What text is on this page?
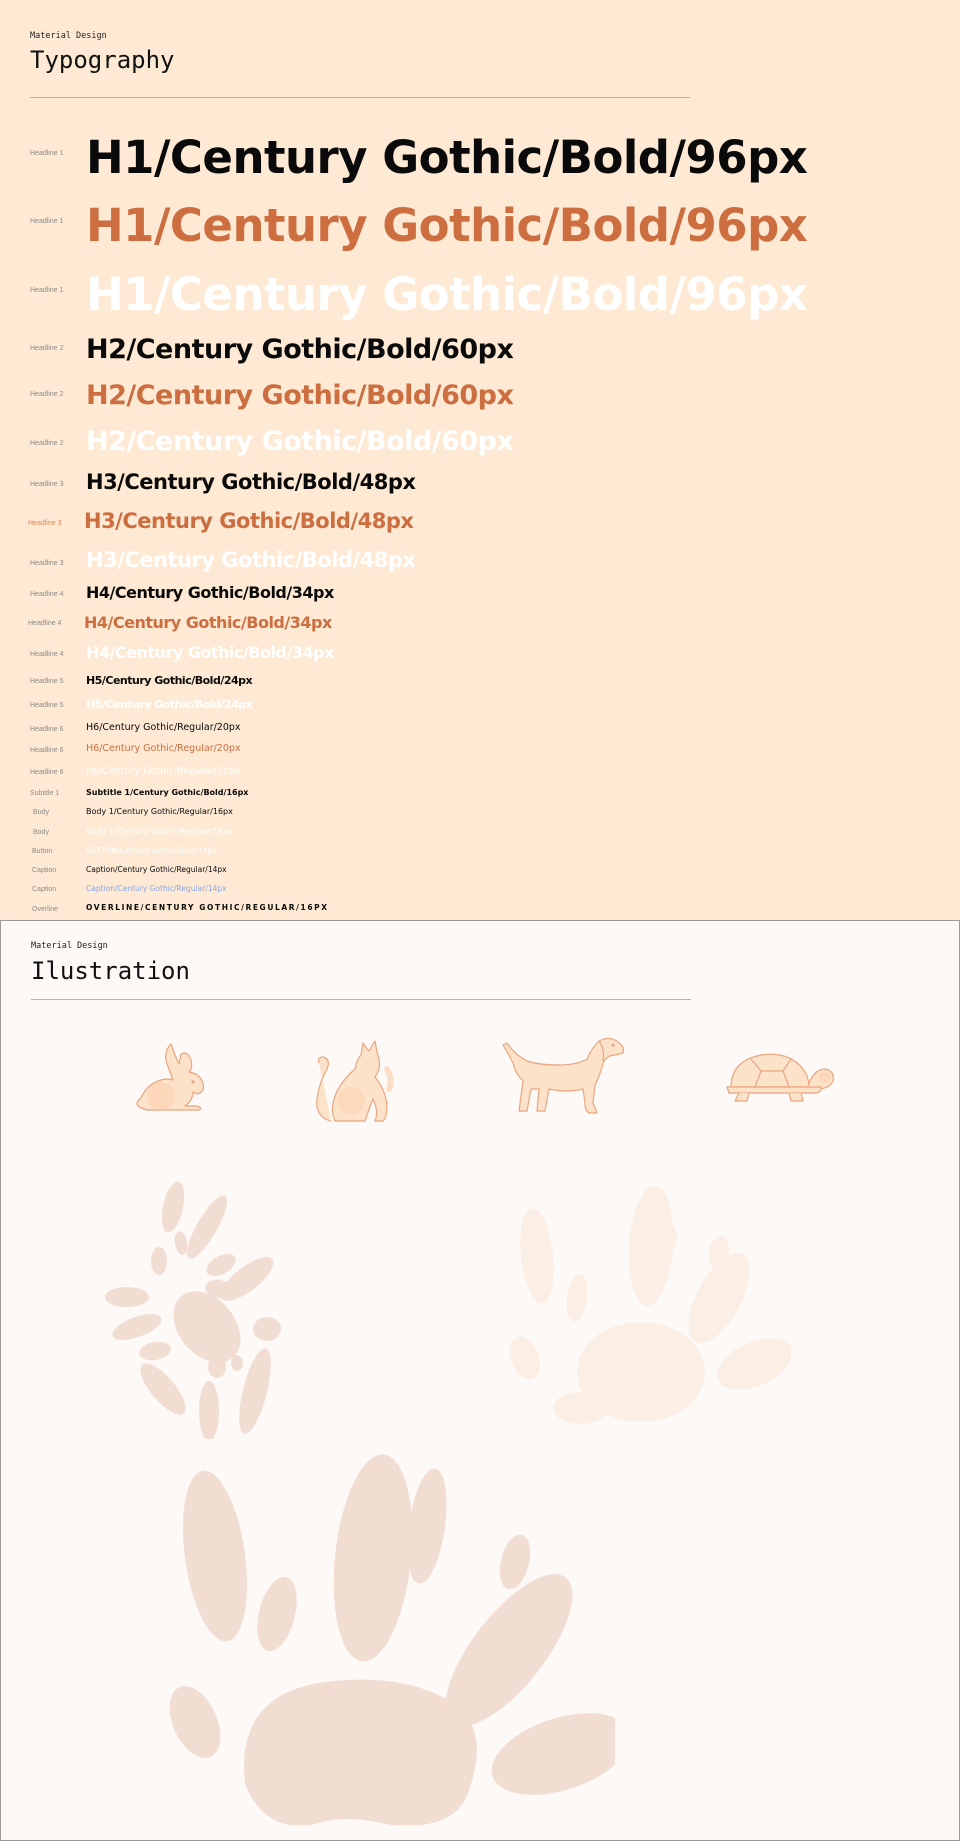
Material Design
Typography
Headline 1 H1/Century Gothic/Bold/96px
Headline 1 H1/Century Gothic/Bold/96px
Headline 1 H1/Century Gothic/Bold/96px
Headline 2 H2/Century Gothic/Bold/60px
Headline 2 H2/Century Gothic/Bold/60px
Headline 2 H2/Century Gothic/Bold/60px
Headline 3 H3/Century Gothic/Bold/48px
Headline 3 H3/Century Gothic/Bold/48px
Headline 3 H3/Century Gothic/Bold/48px
Headline 4 H4/Century Gothic/Bold/34px
Headline 4 H4/Century Gothic/Bold/34px
Headline 4 H4/Century Gothic/Bold/34px
Headline 5 H5/Century Gothic/Bold/24px
Headline 5 H5/Century Gothic/Bold/24px
Headline 6 H6/Century Gothic/Regular/20px
Headline 6 H6/Century Gothic/Regular/20px
Headline 6 H6/Century Gothic/Regular/20px
Subtitle 1	Subtitle 1/Century Gothic/Bold/16px
Body	Body 1/Century Gothic/Regular/16px
Body	Body 1/Century Gothic/Regular/16px
Button	BUTTON/Century Gothic/Bold/14px
Caption	Caption/Century Gothic/Regular/14px
Caption	Caption/Century Gothic/Regular/14px
Overline	OVERLINE/CENTURY GOTHIC/REGULAR/16PX
Material Design
Ilustration
